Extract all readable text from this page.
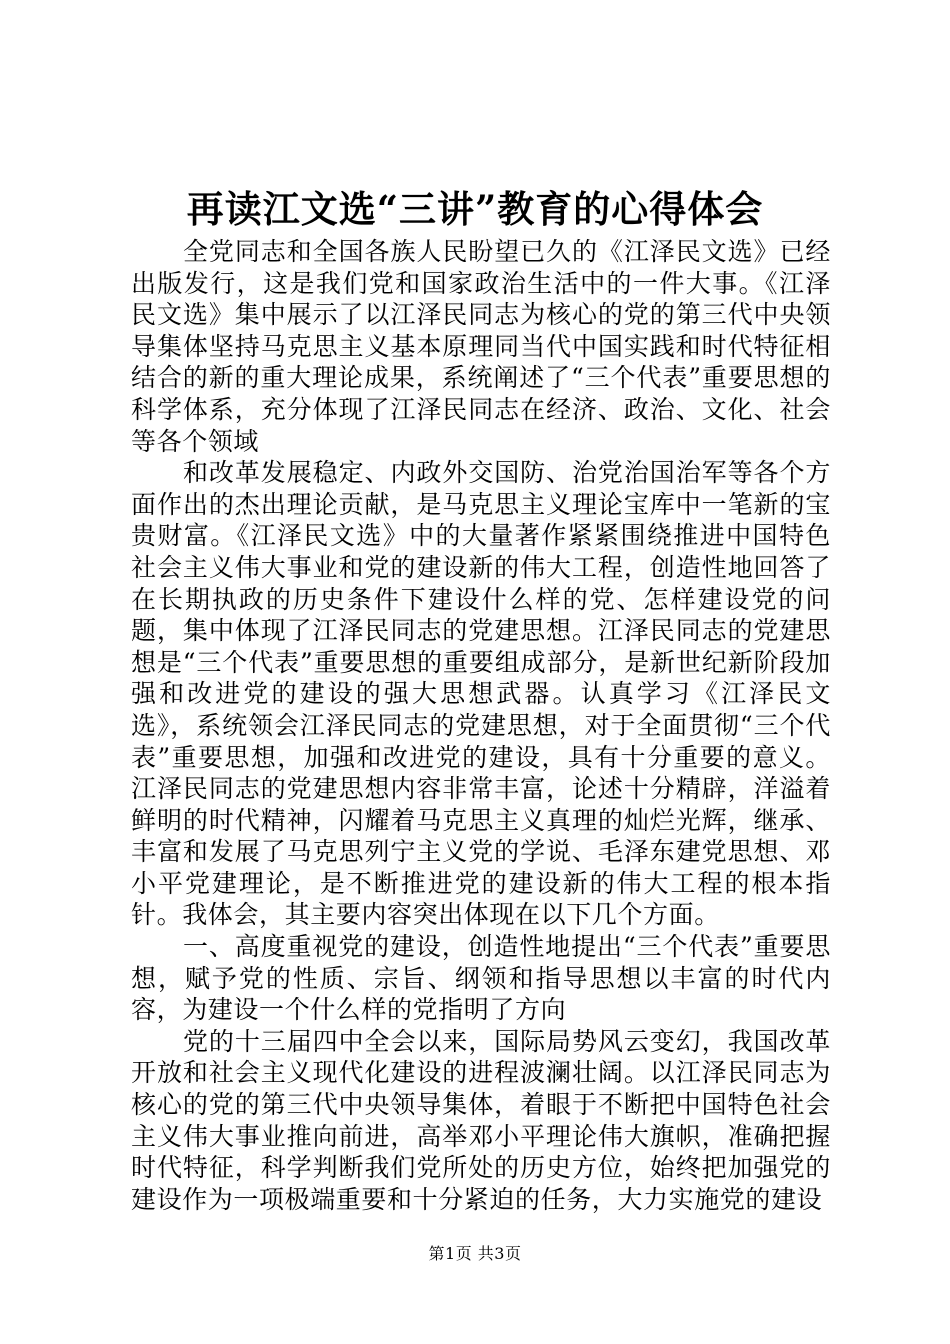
再读江文选“三讲”教育的心得体会

全党同志和全国各族人民盼望已久的《江泽民文选》已经出版发行，这是我们党和国家政治生活中的一件大事。《江泽民文选》集中展示了以江泽民同志为核心的党的第三代中央领导集体坚持马克思主义基本原理同当代中国实践和时代特征相结合的新的重大理论成果，系统阐述了“三个代表”重要思想的科学体系，充分体现了江泽民同志在经济、政治、文化、社会等各个领域

和改革发展稳定、内政外交国防、治党治国治军等各个方面作出的杰出理论贡献，是马克思主义理论宝库中一笔新的宝贵财富。《江泽民文选》中的大量著作紧紧围绕推进中国特色社会主义伟大事业和党的建设新的伟大工程，创造性地回答了在长期执政的历史条件下建设什么样的党、怎样建设党的问题，集中体现了江泽民同志的党建思想。江泽民同志的党建思想是“三个代表”重要思想的重要组成部分，是新世纪新阶段加强和改进党的建设的强大思想武器。认真学习《江泽民文选》，系统领会江泽民同志的党建思想，对于全面贯彻“三个代表”重要思想，加强和改进党的建设，具有十分重要的意义。江泽民同志的党建思想内容非常丰富，论述十分精辟，洋溢着鲜明的时代精神，闪耀着马克思主义真理的灿烂光辉，继承、丰富和发展了马克思列宁主义党的学说、毛泽东建党思想、邓小平党建理论，是不断推进党的建设新的伟大工程的根本指针。我体会，其主要内容突出体现在以下几个方面。

一、高度重视党的建设，创造性地提出“三个代表”重要思想，赋予党的性质、宗旨、纲领和指导思想以丰富的时代内容，为建设一个什么样的党指明了方向

党的十三届四中全会以来，国际局势风云变幻，我国改革开放和社会主义现代化建设的进程波澜壮阔。以江泽民同志为核心的党的第三代中央领导集体，着眼于不断把中国特色社会主义伟大事业推向前进，高举邓小平理论伟大旗帜，准确把握时代特征，科学判断我们党所处的历史方位，始终把加强党的建设作为一项极端重要和十分紧迫的任务，大力实施党的建设

第1页 共3页
